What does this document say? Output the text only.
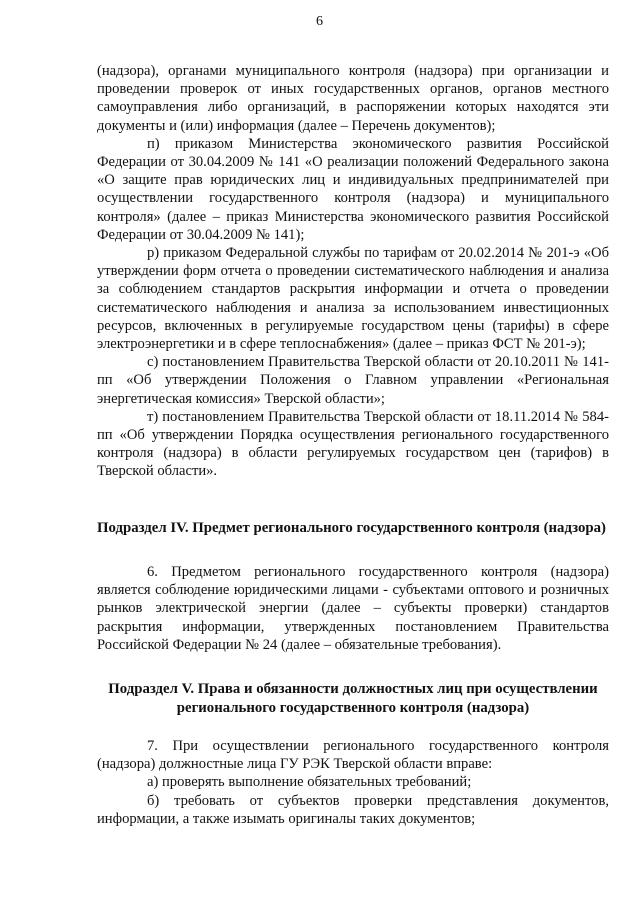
6

(надзора), органами муниципального контроля (надзора) при организации и проведении проверок от иных государственных органов, органов местного самоуправления либо организаций, в распоряжении которых находятся эти документы и (или) информация (далее – Перечень документов);

п) приказом Министерства экономического развития Российской Федерации от 30.04.2009 № 141 «О реализации положений Федерального закона «О защите прав юридических лиц и индивидуальных предпринимателей при осуществлении государственного контроля (надзора) и муниципального контроля» (далее – приказ Министерства экономического развития Российской Федерации от 30.04.2009 № 141);

р) приказом Федеральной службы по тарифам от 20.02.2014 № 201-э «Об утверждении форм отчета о проведении систематического наблюдения и анализа за соблюдением стандартов раскрытия информации и отчета о проведении систематического наблюдения и анализа за использованием инвестиционных ресурсов, включенных в регулируемые государством цены (тарифы) в сфере электроэнергетики и в сфере теплоснабжения» (далее – приказ ФСТ № 201-э);

с) постановлением Правительства Тверской области от 20.10.2011 № 141-пп «Об утверждении Положения о Главном управлении «Региональная энергетическая комиссия» Тверской области»;

т) постановлением Правительства Тверской области от 18.11.2014 № 584-пп «Об утверждении Порядка осуществления регионального государственного контроля (надзора) в области регулируемых государством цен (тарифов) в Тверской области».

Подраздел IV. Предмет регионального государственного контроля (надзора)

6. Предметом регионального государственного контроля (надзора) является соблюдение юридическими лицами - субъектами оптового и розничных рынков электрической энергии (далее – субъекты проверки) стандартов раскрытия информации, утвержденных постановлением Правительства Российской Федерации № 24 (далее – обязательные требования).

Подраздел V. Права и обязанности должностных лиц при осуществлении регионального государственного контроля (надзора)

7. При осуществлении регионального государственного контроля (надзора) должностные лица ГУ РЭК Тверской области вправе:

а) проверять выполнение обязательных требований;

б) требовать от субъектов проверки представления документов, информации, а также изымать оригиналы таких документов;
